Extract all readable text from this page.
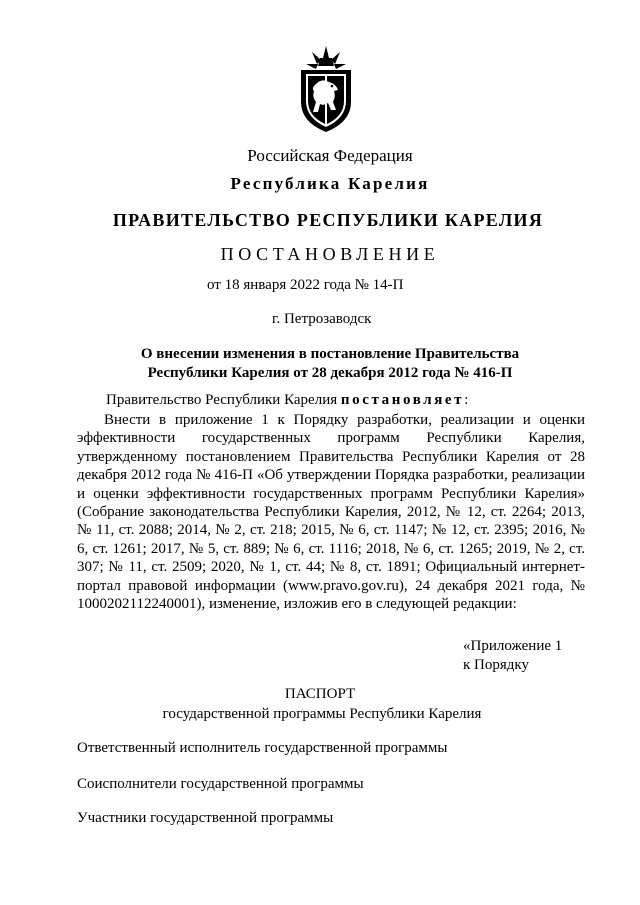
Российская Федерация
Республика Карелия
ПРАВИТЕЛЬСТВО РЕСПУБЛИКИ КАРЕЛИЯ
ПОСТАНОВЛЕНИЕ
от 18 января 2022 года № 14-П
г. Петрозаводск
О внесении изменения в постановление Правительства
Республики Карелия от 28 декабря 2012 года № 416-П
Правительство Республики Карелия постановляет:

Внести в приложение 1 к Порядку разработки, реализации и оценки эффективности государственных программ Республики Карелия, утвержденному постановлением Правительства Республики Карелия от 28 декабря 2012 года № 416-П «Об утверждении Порядка разработки, реализации и оценки эффективности государственных программ Республики Карелия» (Собрание законодательства Республики Карелия, 2012, № 12, ст. 2264; 2013, № 11, ст. 2088; 2014, № 2, ст. 218; 2015, № 6, ст. 1147; № 12, ст. 2395; 2016, № 6, ст. 1261; 2017, № 5, ст. 889; № 6, ст. 1116; 2018, № 6, ст. 1265; 2019, № 2, ст. 307; № 11, ст. 2509; 2020, № 1, ст. 44; № 8, ст. 1891; Официальный интернет-портал правовой информации (www.pravo.gov.ru), 24 декабря 2021 года, № 1000202112240001), изменение, изложив его в следующей редакции:

«Приложение 1
к Порядку
ПАСПОРТ
государственной программы Республики Карелия
Ответственный исполнитель государственной программы
Соисполнители государственной программы
Участники государственной программы
